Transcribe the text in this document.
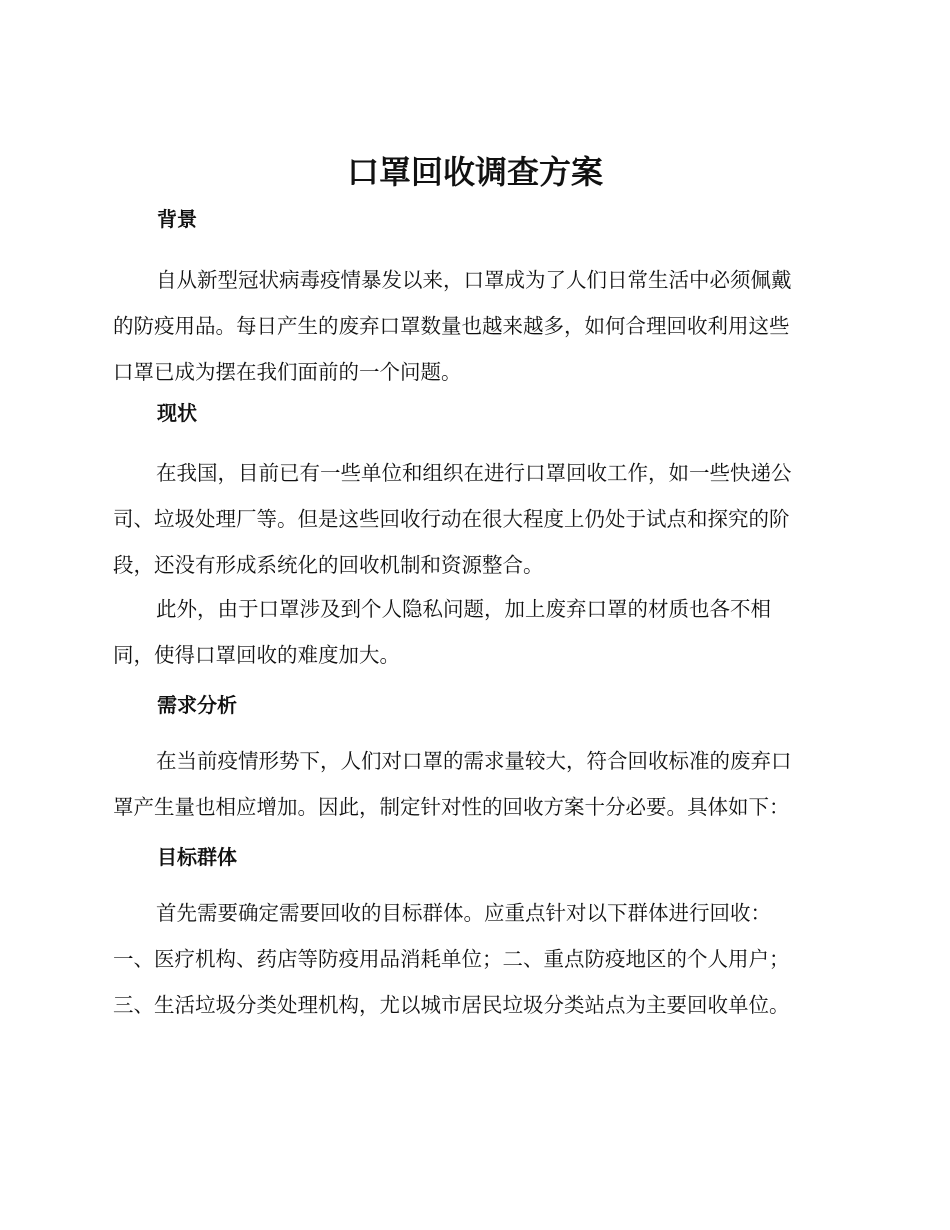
口罩回收调查方案
背景
自从新型冠状病毒疫情暴发以来，口罩成为了人们日常生活中必须佩戴
的防疫用品。每日产生的废弃口罩数量也越来越多，如何合理回收利用这些
口罩已成为摆在我们面前的一个问题。
现状
在我国，目前已有一些单位和组织在进行口罩回收工作，如一些快递公
司、垃圾处理厂等。但是这些回收行动在很大程度上仍处于试点和探究的阶
段，还没有形成系统化的回收机制和资源整合。
此外，由于口罩涉及到个人隐私问题，加上废弃口罩的材质也各不相
同，使得口罩回收的难度加大。
需求分析
在当前疫情形势下，人们对口罩的需求量较大，符合回收标准的废弃口
罩产生量也相应增加。因此，制定针对性的回收方案十分必要。具体如下：
目标群体
首先需要确定需要回收的目标群体。应重点针对以下群体进行回收：
一、医疗机构、药店等防疫用品消耗单位；二、重点防疫地区的个人用户；
三、生活垃圾分类处理机构，尤以城市居民垃圾分类站点为主要回收单位。
